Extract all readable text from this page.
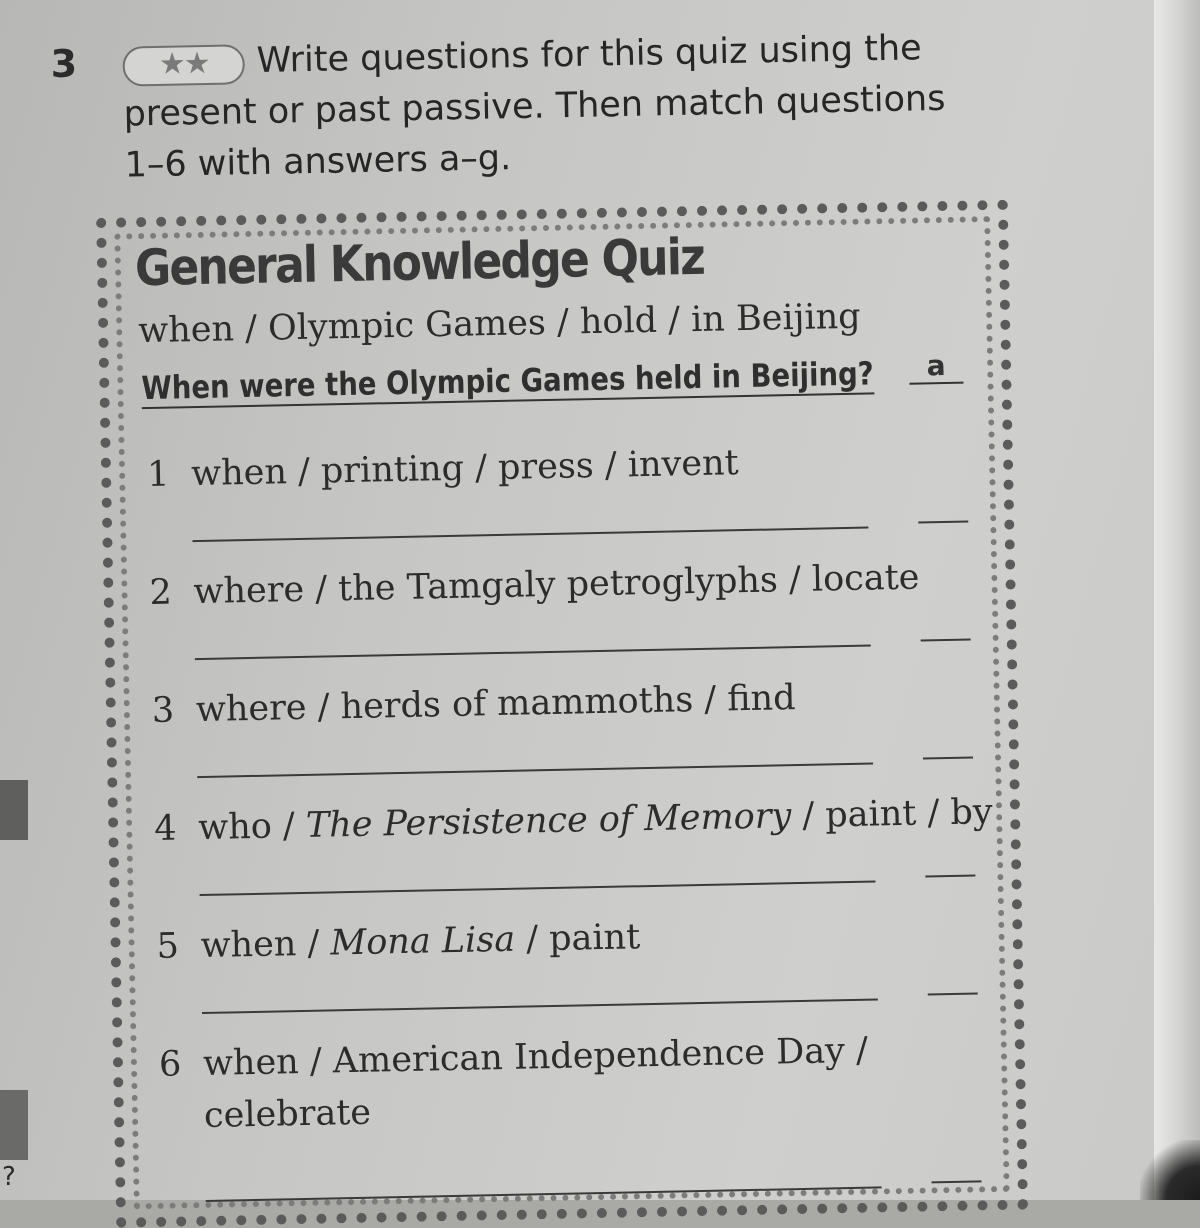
?
3	★★	Write questions for this quiz using the
present or past passive. Then match questions
1–6 with answers a–g.
General Knowledge Quiz
when / Olympic Games / hold / in Beijing
When were the Olympic Games held in Beijing?	a
1 when / printing / press / invent
2 where / the Tamgaly petroglyphs / locate
3 where / herds of mammoths / find
4 who / The Persistence of Memory / paint / by
5 when / Mona Lisa / paint
6 when / American Independence Day /
celebrate
